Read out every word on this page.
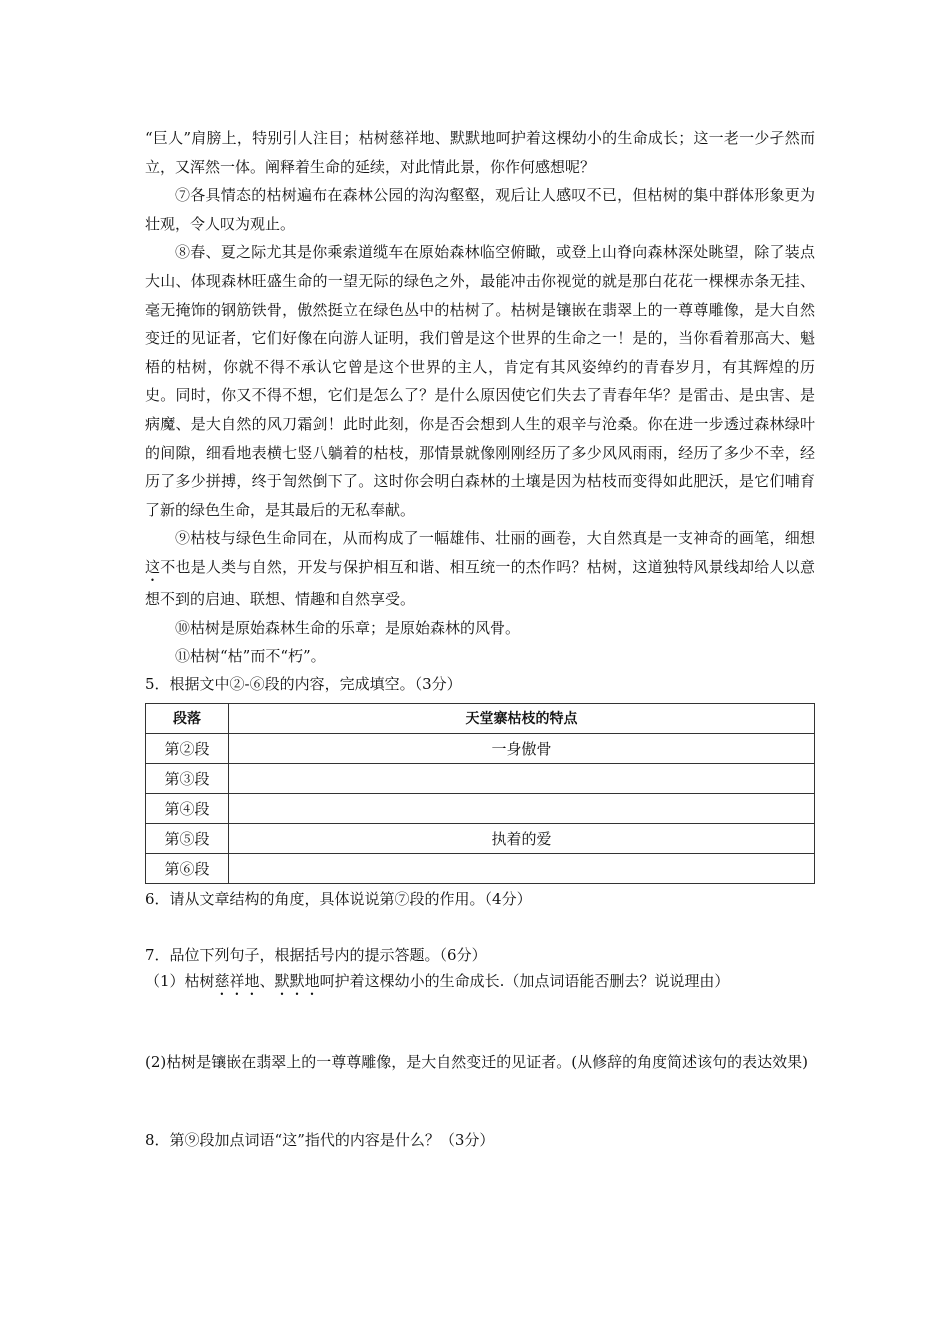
“巨人”肩膀上，特别引人注目；枯树慈祥地、默默地呵护着这棵幼小的生命成长；这一老一少孑然而立，又浑然一体。阐释着生命的延续，对此情此景，你作何感想呢？

⑦各具情态的枯树遍布在森林公园的沟沟壑壑，观后让人感叹不已，但枯树的集中群体形象更为壮观，令人叹为观止。

⑧春、夏之际尤其是你乘索道缆车在原始森林临空俯瞰，或登上山脊向森林深处眺望，除了装点大山、体现森林旺盛生命的一望无际的绿色之外，最能冲击你视觉的就是那白花花一棵棵赤条无挂、毫无掩饰的钢筋铁骨，傲然挺立在绿色丛中的枯树了。枯树是镶嵌在翡翠上的一尊尊雕像，是大自然变迁的见证者，它们好像在向游人证明，我们曾是这个世界的生命之一！是的，当你看着那高大、魁梧的枯树，你就不得不承认它曾是这个世界的主人，肯定有其风姿绰约的青春岁月，有其辉煌的历史。同时，你又不得不想，它们是怎么了？是什么原因使它们失去了青春年华？是雷击、是虫害、是病魔、是大自然的风刀霜剑！此时此刻，你是否会想到人生的艰辛与沧桑。你在进一步透过森林绿叶的间隙，细看地表横七竖八躺着的枯枝，那情景就像刚刚经历了多少风风雨雨，经历了多少不幸，经历了多少拼搏，终于訇然倒下了。这时你会明白森林的土壤是因为枯枝而变得如此肥沃，是它们哺育了新的绿色生命，是其最后的无私奉献。

⑨枯枝与绿色生命同在，从而构成了一幅雄伟、壮丽的画卷，大自然真是一支神奇的画笔，细想这不也是人类与自然，开发与保护相互和谐、相互统一的杰作吗？枯树，这道独特风景线却给人以意想不到的启迪、联想、情趣和自然享受。

⑩枯树是原始森林生命的乐章；是原始森林的风骨。

⑪枯树“枯”而不“朽”。

5．根据文中②-⑥段的内容，完成填空。（3分）

段落	天堂寨枯枝的特点
第②段	一身傲骨
第③段	
第④段	
第⑤段	执着的爱
第⑥段	

6．请从文章结构的角度，具体说说第⑦段的作用。（4分）

7．品位下列句子，根据括号内的提示答题。（6分）

（1）枯树慈祥地、默默地呵护着这棵幼小的生命成长.（加点词语能否删去？说说理由）

(2)枯树是镶嵌在翡翠上的一尊尊雕像，是大自然变迁的见证者。(从修辞的角度简述该句的表达效果)

8．第⑨段加点词语“这”指代的内容是什么？（3分）
